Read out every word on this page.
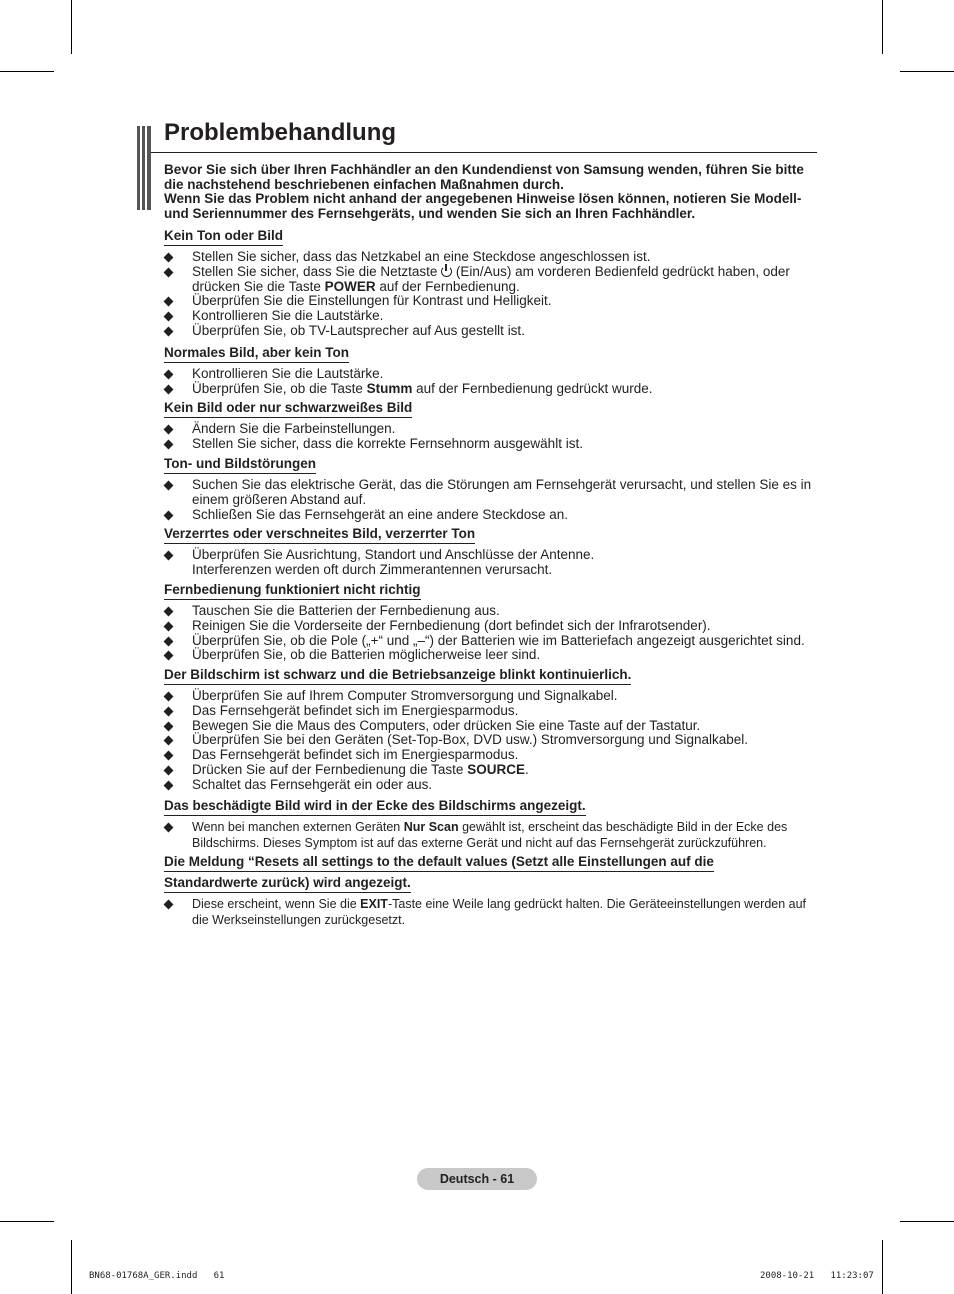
Problembehandlung
Bevor Sie sich über Ihren Fachhändler an den Kundendienst von Samsung wenden, führen Sie bitte die nachstehend beschriebenen einfachen Maßnahmen durch.
Wenn Sie das Problem nicht anhand der angegebenen Hinweise lösen können, notieren Sie Modell- und Seriennummer des Fernsehgeräts, und wenden Sie sich an Ihren Fachhändler.
Kein Ton oder Bild
Stellen Sie sicher, dass das Netzkabel an eine Steckdose angeschlossen ist.
Stellen Sie sicher, dass Sie die Netztaste  (Ein/Aus) am vorderen Bedienfeld gedrückt haben, oder drücken Sie die Taste POWER auf der Fernbedienung.
Überprüfen Sie die Einstellungen für Kontrast und Helligkeit.
Kontrollieren Sie die Lautstärke.
Überprüfen Sie, ob TV-Lautsprecher auf Aus gestellt ist.
Normales Bild, aber kein Ton
Kontrollieren Sie die Lautstärke.
Überprüfen Sie, ob die Taste Stumm auf der Fernbedienung gedrückt wurde.
Kein Bild oder nur schwarzweißes Bild
Ändern Sie die Farbeinstellungen.
Stellen Sie sicher, dass die korrekte Fernsehnorm ausgewählt ist.
Ton- und Bildstörungen
Suchen Sie das elektrische Gerät, das die Störungen am Fernsehgerät verursacht, und stellen Sie es in einem größeren Abstand auf.
Schließen Sie das Fernsehgerät an eine andere Steckdose an.
Verzerrtes oder verschneites Bild, verzerrter Ton
Überprüfen Sie Ausrichtung, Standort und Anschlüsse der Antenne.
Interferenzen werden oft durch Zimmerantennen verursacht.
Fernbedienung funktioniert nicht richtig
Tauschen Sie die Batterien der Fernbedienung aus.
Reinigen Sie die Vorderseite der Fernbedienung (dort befindet sich der Infrarotsender).
Überprüfen Sie, ob die Pole („+“ und „–“) der Batterien wie im Batteriefach angezeigt ausgerichtet sind.
Überprüfen Sie, ob die Batterien möglicherweise leer sind.
Der Bildschirm ist schwarz und die Betriebsanzeige blinkt kontinuierlich.
Überprüfen Sie auf Ihrem Computer Stromversorgung und Signalkabel.
Das Fernsehgerät befindet sich im Energiesparmodus.
Bewegen Sie die Maus des Computers, oder drücken Sie eine Taste auf der Tastatur.
Überprüfen Sie bei den Geräten (Set-Top-Box, DVD usw.) Stromversorgung und Signalkabel.
Das Fernsehgerät befindet sich im Energiesparmodus.
Drücken Sie auf der Fernbedienung die Taste SOURCE.
Schaltet das Fernsehgerät ein oder aus.
Das beschädigte Bild wird in der Ecke des Bildschirms angezeigt.
Wenn bei manchen externen Geräten Nur Scan gewählt ist, erscheint das beschädigte Bild in der Ecke des Bildschirms. Dieses Symptom ist auf das externe Gerät und nicht auf das Fernsehgerät zurückzuführen.
Die Meldung “Resets all settings to the default values (Setzt alle Einstellungen auf die
Standardwerte zurück) wird angezeigt.
Diese erscheint, wenn Sie die EXIT-Taste eine Weile lang gedrückt halten. Die Geräteeinstellungen werden auf die Werkseinstellungen zurückgesetzt.
Deutsch - 61
BN68-01768A_GER.indd   61	2008-10-21   11:23:07
